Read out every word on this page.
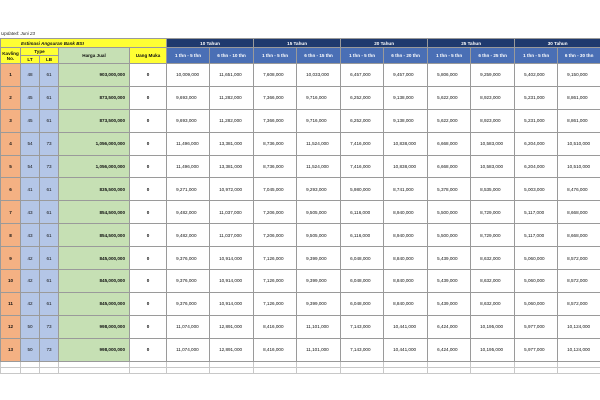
Updated: Juni 23
Estimasi Angsuran Bank BSI					10 Tahun		15 Tahun		20 Tahun		25 Tahun		30 Tahun	
Kavling
No.	Type		Harga Jual	Uang Muka	1 thn - 5 thn	6 thn - 10 thn	1 thn - 5 thn	6 thn - 15 thn	1 thn - 5 thn	6 thn - 20 thn	1 thn - 5 thn	6 thn - 25 thn	1 thn - 5 thn	6 thn - 30 thn
	LT	LB												
1	48	61	903,000,000	0	10,009,000	11,651,000	7,608,000	10,033,000	6,457,000	9,457,000	5,806,000	9,259,000	5,402,000	9,150,000
2	45	61	873,500,000	0	9,693,000	11,282,000	7,366,000	9,716,000	6,252,000	9,138,000	5,622,000	8,923,000	5,231,000	8,861,000
3	45	61	873,500,000	0	9,693,000	11,282,000	7,366,000	9,716,000	6,252,000	9,138,000	5,622,000	8,923,000	5,231,000	8,861,000
4	54	73	1,056,000,000	0	11,496,000	13,381,000	8,736,000	11,524,000	7,416,000	10,838,000	6,668,000	10,583,000	6,204,000	10,510,000
5	54	73	1,056,000,000	0	11,496,000	13,381,000	8,736,000	11,524,000	7,416,000	10,838,000	6,668,000	10,583,000	6,204,000	10,510,000
6	41	61	835,500,000	0	9,271,000	10,972,000	7,045,000	9,293,000	5,980,000	8,741,000	5,378,000	8,535,000	5,003,000	8,476,000
7	43	61	854,500,000	0	9,482,000	11,037,000	7,206,000	9,505,000	6,116,000	8,940,000	5,500,000	8,729,000	5,117,000	8,668,000
8	43	61	854,500,000	0	9,482,000	11,037,000	7,206,000	9,505,000	6,116,000	8,940,000	5,500,000	8,729,000	5,117,000	8,668,000
9	42	61	845,000,000	0	9,376,000	10,914,000	7,126,000	9,399,000	6,048,000	8,840,000	5,439,000	8,632,000	5,060,000	8,572,000
10	42	61	845,000,000	0	9,376,000	10,914,000	7,126,000	9,399,000	6,048,000	8,840,000	5,439,000	8,632,000	5,060,000	8,572,000
11	42	61	845,000,000	0	9,376,000	10,914,000	7,126,000	9,399,000	6,048,000	8,840,000	5,439,000	8,632,000	5,060,000	8,572,000
12	50	73	998,000,000	0	11,074,000	12,891,000	8,416,000	11,101,000	7,143,000	10,441,000	6,424,000	10,195,000	5,977,000	10,124,000
13	50	73	998,000,000	0	11,074,000	12,891,000	8,416,000	11,101,000	7,143,000	10,441,000	6,424,000	10,195,000	5,977,000	10,124,000
